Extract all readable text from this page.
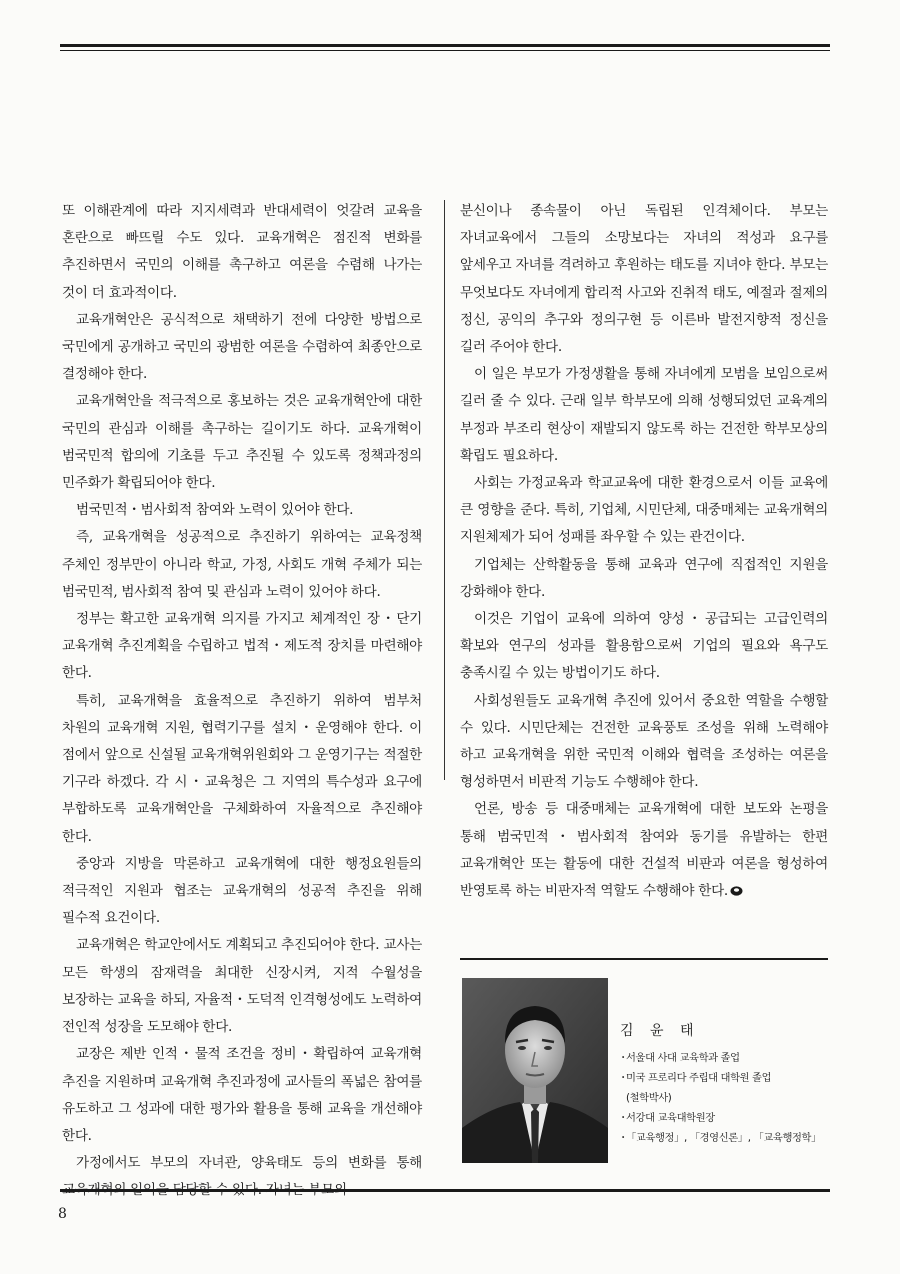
또 이해관계에 따라 지지세력과 반대세력이 엇갈려 교육을 혼란으로 빠뜨릴 수도 있다. 교육개혁은 점진적 변화를 추진하면서 국민의 이해를 촉구하고 여론을 수렴해 나가는 것이 더 효과적이다.

교육개혁안은 공식적으로 채택하기 전에 다양한 방법으로 국민에게 공개하고 국민의 광범한 여론을 수렴하여 최종안으로 결정해야 한다.

교육개혁안을 적극적으로 홍보하는 것은 교육개혁안에 대한 국민의 관심과 이해를 촉구하는 길이기도 하다. 교육개혁이 범국민적 합의에 기초를 두고 추진될 수 있도록 정책과정의 민주화가 확립되어야 한다.

범국민적・범사회적 참여와 노력이 있어야 한다.

즉, 교육개혁을 성공적으로 추진하기 위하여는 교육정책 주체인 정부만이 아니라 학교, 가정, 사회도 개혁 주체가 되는 범국민적, 범사회적 참여 및 관심과 노력이 있어야 하다.

정부는 확고한 교육개혁 의지를 가지고 체계적인 장・단기 교육개혁 추진계획을 수립하고 법적・제도적 장치를 마련해야 한다.

특히, 교육개혁을 효율적으로 추진하기 위하여 범부처 차원의 교육개혁 지원, 협력기구를 설치・운영해야 한다. 이 점에서 앞으로 신설될 교육개혁위원회와 그 운영기구는 적절한 기구라 하겠다. 각 시・교육청은 그 지역의 특수성과 요구에 부합하도록 교육개혁안을 구체화하여 자율적으로 추진해야 한다.

중앙과 지방을 막론하고 교육개혁에 대한 행정요원들의 적극적인 지원과 협조는 교육개혁의 성공적 추진을 위해 필수적 요건이다.

교육개혁은 학교안에서도 계획되고 추진되어야 한다. 교사는 모든 학생의 잠재력을 최대한 신장시켜, 지적 수월성을 보장하는 교육을 하되, 자율적・도덕적 인격형성에도 노력하여 전인적 성장을 도모해야 한다.

교장은 제반 인적・물적 조건을 정비・확립하여 교육개혁 추진을 지원하며 교육개혁 추진과정에 교사들의 폭넓은 참여를 유도하고 그 성과에 대한 평가와 활용을 통해 교육을 개선해야 한다.

가정에서도 부모의 자녀관, 양육태도 등의 변화를 통해 교육개혁의 일익을 담당할 수 있다. 자녀는 부모의

분신이나 종속물이 아닌 독립된 인격체이다. 부모는 자녀교육에서 그들의 소망보다는 자녀의 적성과 요구를 앞세우고 자녀를 격려하고 후원하는 태도를 지녀야 한다. 부모는 무엇보다도 자녀에게 합리적 사고와 진취적 태도, 예절과 절제의 정신, 공익의 추구와 정의구현 등 이른바 발전지향적 정신을 길러 주어야 한다.

이 일은 부모가 가정생활을 통해 자녀에게 모범을 보임으로써 길러 줄 수 있다. 근래 일부 학부모에 의해 성행되었던 교육계의 부정과 부조리 현상이 재발되지 않도록 하는 건전한 학부모상의 확립도 필요하다.

사회는 가정교육과 학교교육에 대한 환경으로서 이들 교육에 큰 영향을 준다. 특히, 기업체, 시민단체, 대중매체는 교육개혁의 지원체제가 되어 성패를 좌우할 수 있는 관건이다.

기업체는 산학활동을 통해 교육과 연구에 직접적인 지원을 강화해야 한다.

이것은 기업이 교육에 의하여 양성・공급되는 고급인력의 확보와 연구의 성과를 활용함으로써 기업의 필요와 욕구도 충족시킬 수 있는 방법이기도 하다.

사회성원들도 교육개혁 추진에 있어서 중요한 역할을 수행할 수 있다. 시민단체는 건전한 교육풍토 조성을 위해 노력해야 하고 교육개혁을 위한 국민적 이해와 협력을 조성하는 여론을 형성하면서 비판적 기능도 수행해야 한다.

언론, 방송 등 대중매체는 교육개혁에 대한 보도와 논평을 통해 범국민적・범사회적 참여와 동기를 유발하는 한편 교육개혁안 또는 활동에 대한 건설적 비판과 여론을 형성하여 반영토록 하는 비판자적 역할도 수행해야 한다.

김 윤 태
・서울대 사대 교육학과 졸업
・미국 프로리다 주립대 대학원 졸업
(철학박사)
・서강대 교육대학원장
・「교육행정」, 「경영신론」, 「교육행정학」
8
